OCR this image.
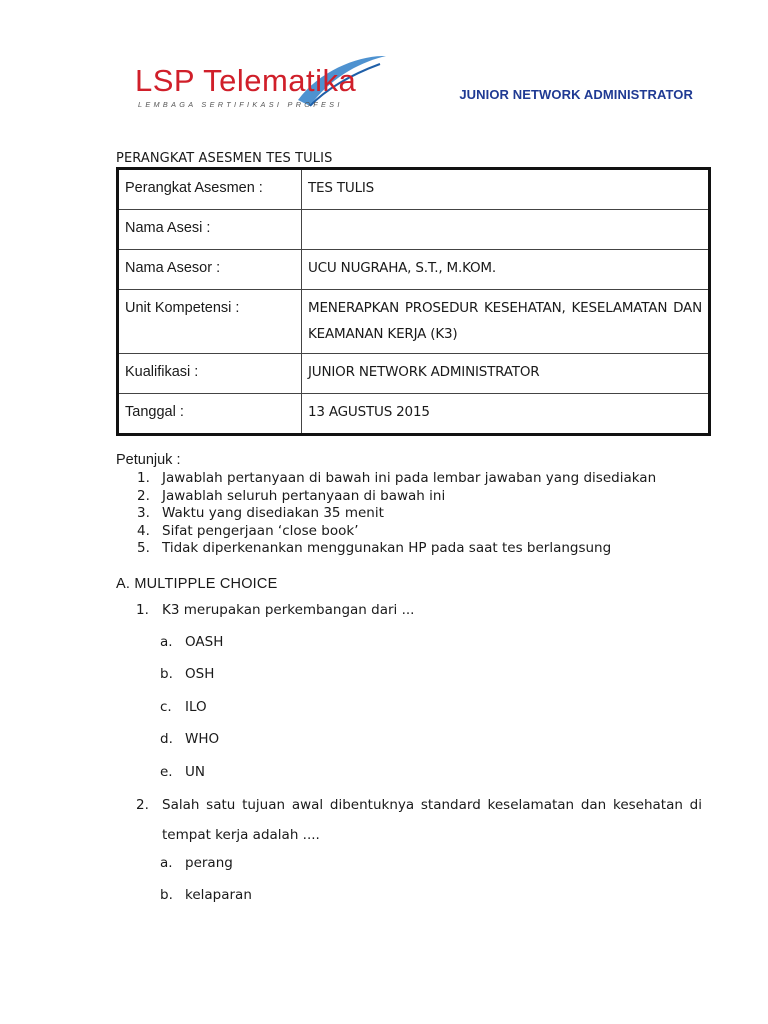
LSP Telematika
LEMBAGA SERTIFIKASI PROFESI
JUNIOR NETWORK ADMINISTRATOR
PERANGKAT ASESMEN TES TULIS
Perangkat Asesmen :	TES TULIS
Nama Asesi :	
Nama Asesor :	UCU NUGRAHA, S.T., M.KOM.
Unit Kompetensi :	MENERAPKAN PROSEDUR KESEHATAN, KESELAMATAN DAN KEAMANAN KERJA (K3)
Kualifikasi :	JUNIOR NETWORK ADMINISTRATOR
Tanggal :	13 AGUSTUS 2015
Petunjuk :
1. Jawablah pertanyaan di bawah ini pada lembar jawaban yang disediakan
2. Jawablah seluruh pertanyaan di bawah ini
3. Waktu yang disediakan 35 menit
4. Sifat pengerjaan ‘close book’
5. Tidak diperkenankan menggunakan HP pada saat tes berlangsung
A. MULTIPPLE CHOICE
1. K3 merupakan perkembangan dari ...
a. OASH
b. OSH
c. ILO
d. WHO
e. UN
2. Salah satu tujuan awal dibentuknya standard keselamatan dan kesehatan di
tempat kerja adalah ....
a. perang
b. kelaparan
